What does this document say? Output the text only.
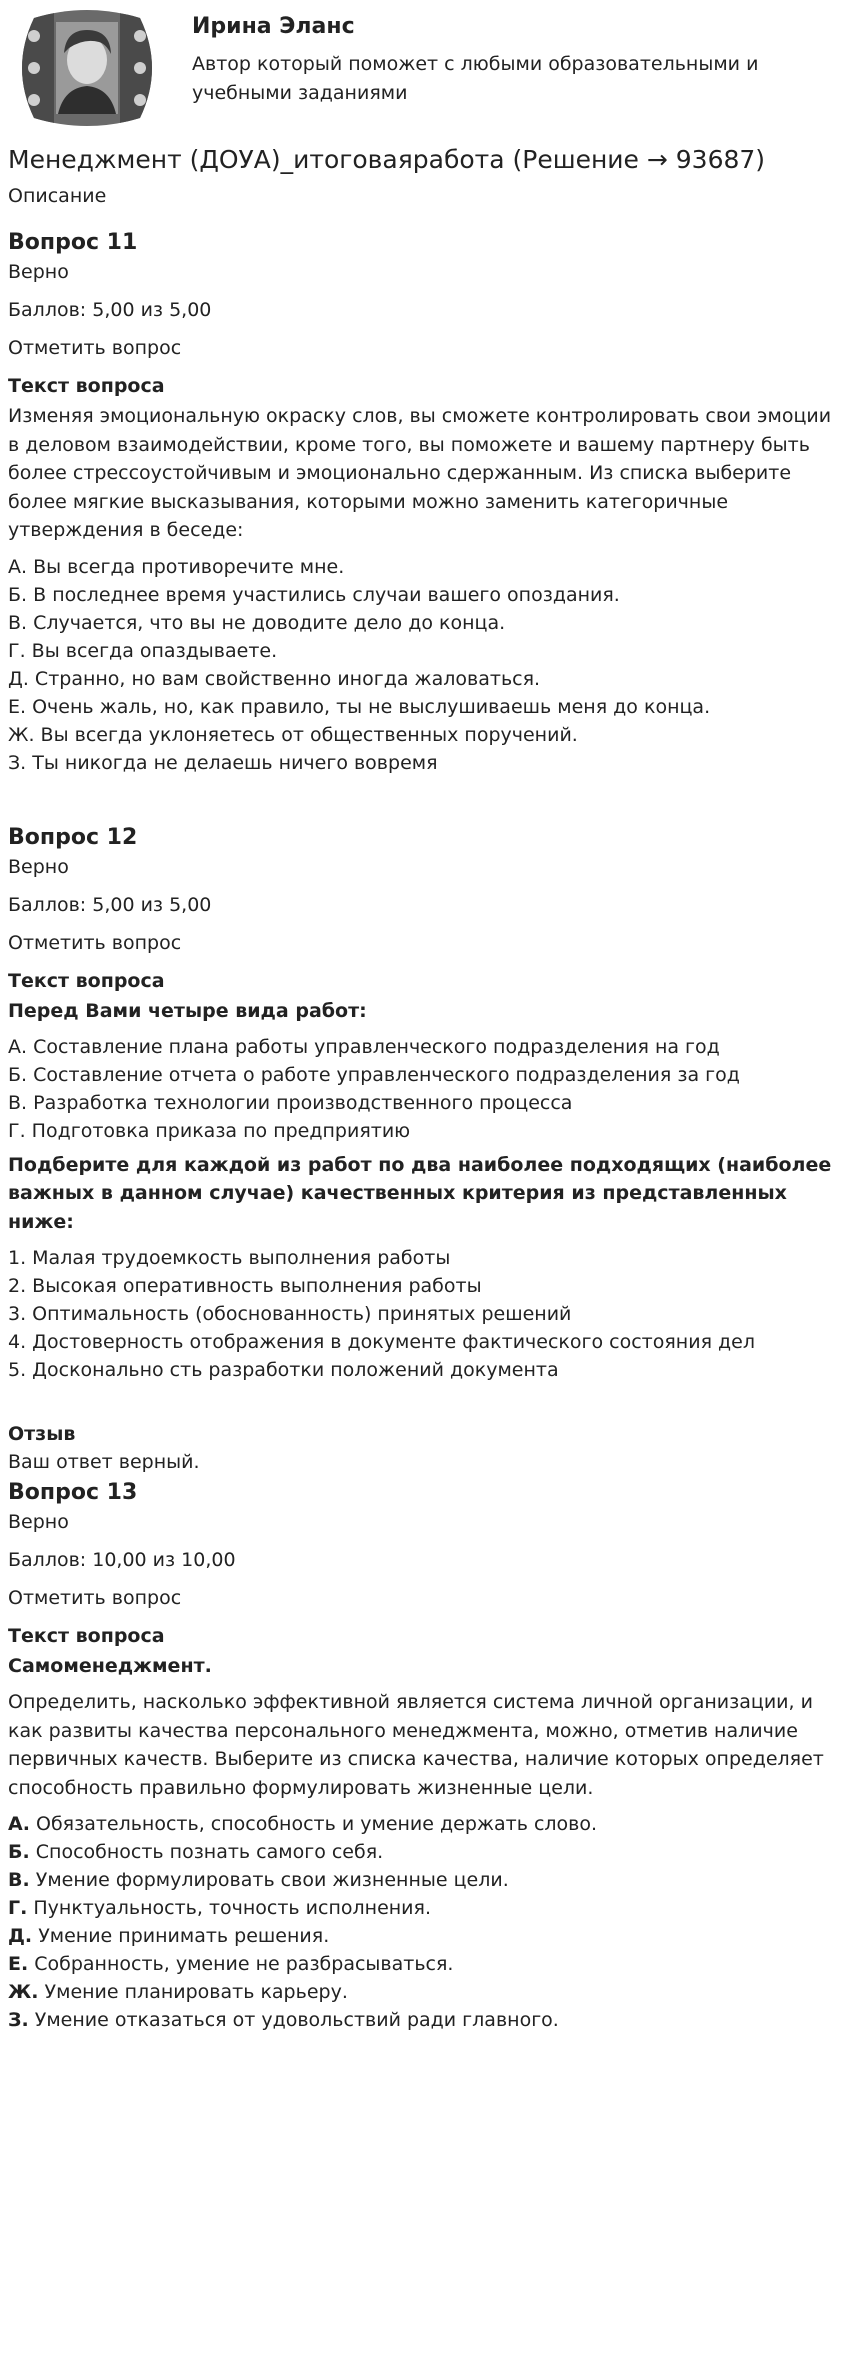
Ирина Эланс
Автор который поможет с любыми образовательными и учебными заданиями
Менеджмент (ДОУА)_итоговаяработа (Решение → 93687)
Описание
Вопрос 11

Верно

Баллов: 5,00 из 5,00

Отметить вопрос

Текст вопроса

Изменяя эмоциональную окраску слов, вы сможете контролировать свои эмоции в деловом взаимодействии, кроме того, вы поможете и вашему партнеру быть более стрессоустойчивым и эмоционально сдержанным. Из списка выберите более мягкие высказывания, которыми можно заменить категоричные утверждения в беседе:

А. Вы всегда противоречите мне.

Б. В последнее время участились случаи вашего опоздания.

В. Случается, что вы не доводите дело до конца.

Г. Вы всегда опаздываете.

Д. Странно, но вам свойственно иногда жаловаться.

Е. Очень жаль, но, как правило, ты не выслушиваешь меня до конца.

Ж. Вы всегда уклоняетесь от общественных поручений.

З. Ты никогда не делаешь ничего вовремя

Вопрос 12

Верно

Баллов: 5,00 из 5,00

Отметить вопрос

Текст вопроса

Перед Вами четыре вида работ:

А. Составление плана работы управленческого подразделения на год

Б. Составление отчета о работе управленческого подразделения за год

В. Разработка технологии производственного процесса

Г. Подготовка приказа по предприятию

Подберите для каждой из работ по два наиболее подходящих (наиболее важных в данном случае) качественных критерия из представленных ниже:

1. Малая трудоемкость выполнения работы

2. Высокая оперативность выполнения работы

3. Оптимальность (обоснованность) принятых решений

4. Достоверность отображения в документе фактического состояния дел

5. Досконально сть разработки положений документа

Отзыв

Ваш ответ верный.

Вопрос 13

Верно

Баллов: 10,00 из 10,00

Отметить вопрос

Текст вопроса

Самоменеджмент.

Определить, насколько эффективной является система личной организации, и как развиты качества персонального менеджмента, можно, отметив наличие первичных качеств. Выберите из списка качества, наличие которых определяет способность правильно формулировать жизненные цели.

А. Обязательность, способность и умение держать слово.

Б. Способность познать самого себя.

В. Умение формулировать свои жизненные цели.

Г. Пунктуальность, точность исполнения.

Д. Умение принимать решения.

Е. Собранность, умение не разбрасываться.

Ж. Умение планировать карьеру.

З. Умение отказаться от удовольствий ради главного.
